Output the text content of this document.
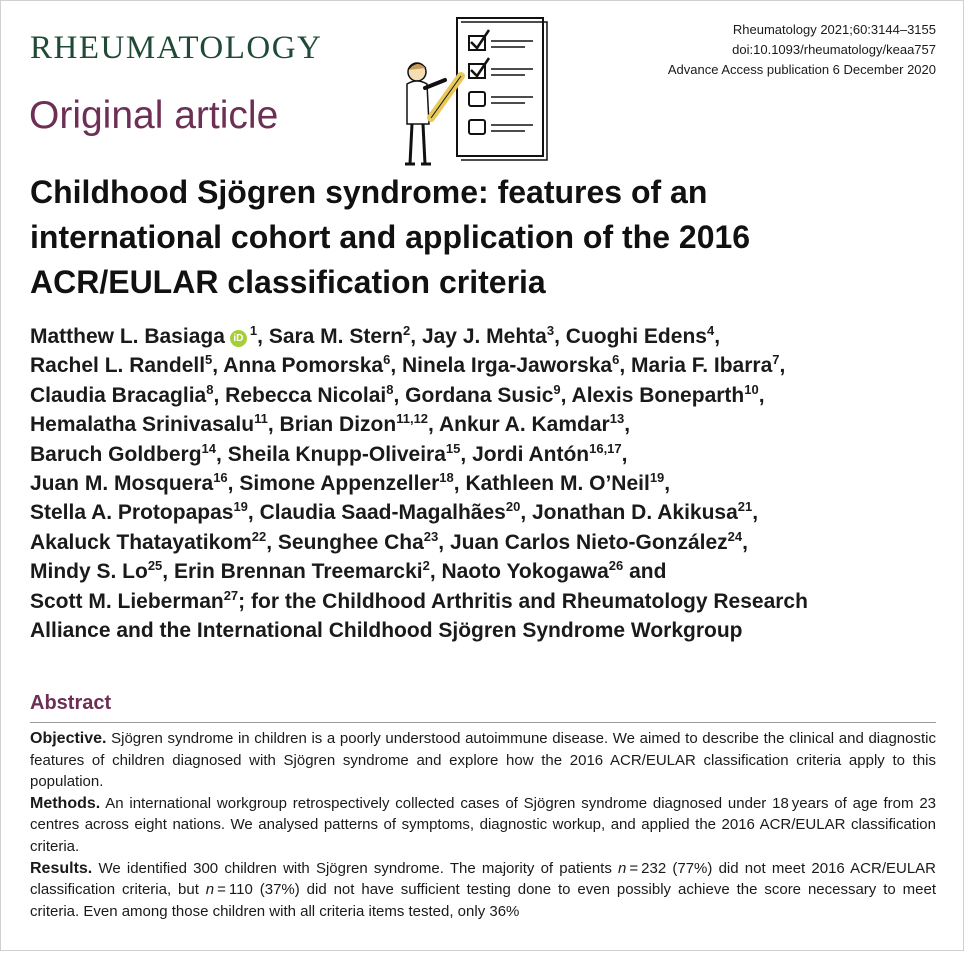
RHEUMATOLOGY
Original article
Rheumatology 2021;60:3144–3155
doi:10.1093/rheumatology/keaa757
Advance Access publication 6 December 2020
Childhood Sjögren syndrome: features of an
international cohort and application of the 2016
ACR/EULAR classification criteria
Matthew L. Basiaga $iD^1$, Sara M. Stern$^2$, Jay J. Mehta$^3$, Cuoghi Edens$^4$,
Rachel L. Randell$^5$, Anna Pomorska$^6$, Ninela Irga-Jaworska$^6$, Maria F. Ibarra$^7$,
Claudia Bracaglia$^8$, Rebecca Nicolai$^8$, Gordana Susic$^9$, Alexis Boneparth$^{10}$,
Hemalatha Srinivasalu$^{11}$, Brian Dizon$^{11,12}$, Ankur A. Kamdar$^{13}$,
Baruch Goldberg$^{14}$, Sheila Knupp-Oliveira$^{15}$, Jordi Antón$^{16,17}$,
Juan M. Mosquera$^{16}$, Simone Appenzeller$^{18}$, Kathleen M. O’Neil$^{19}$,
Stella A. Protopapas$^{19}$, Claudia Saad-Magalhães$^{20}$, Jonathan D. Akikusa$^{21}$,
Akaluck Thatayatikom$^{22}$, Seunghee Cha$^{23}$, Juan Carlos Nieto-González$^{24}$,
Mindy S. Lo$^{25}$, Erin Brennan Treemarcki$^2$, Naoto Yokogawa$^{26}$ and
Scott M. Lieberman$^{27}$; for the Childhood Arthritis and Rheumatology Research
Alliance and the International Childhood Sjögren Syndrome Workgroup
Abstract

Objective. Sjögren syndrome in children is a poorly understood autoimmune disease. We aimed to describe the clinical and diagnostic features of children diagnosed with Sjögren syndrome and explore how the 2016 ACR/EULAR classification criteria apply to this population.

Methods. An international workgroup retrospectively collected cases of Sjögren syndrome diagnosed under 18 years of age from 23 centres across eight nations. We analysed patterns of symptoms, diagnostic workup, and applied the 2016 ACR/EULAR classification criteria.

Results. We identified 300 children with Sjögren syndrome. The majority of patients n = 232 (77%) did not meet 2016 ACR/EULAR classification criteria, but n = 110 (37%) did not have sufficient testing done to even possibly achieve the score necessary to meet criteria. Even among those children with all criteria items tested, only 36%
